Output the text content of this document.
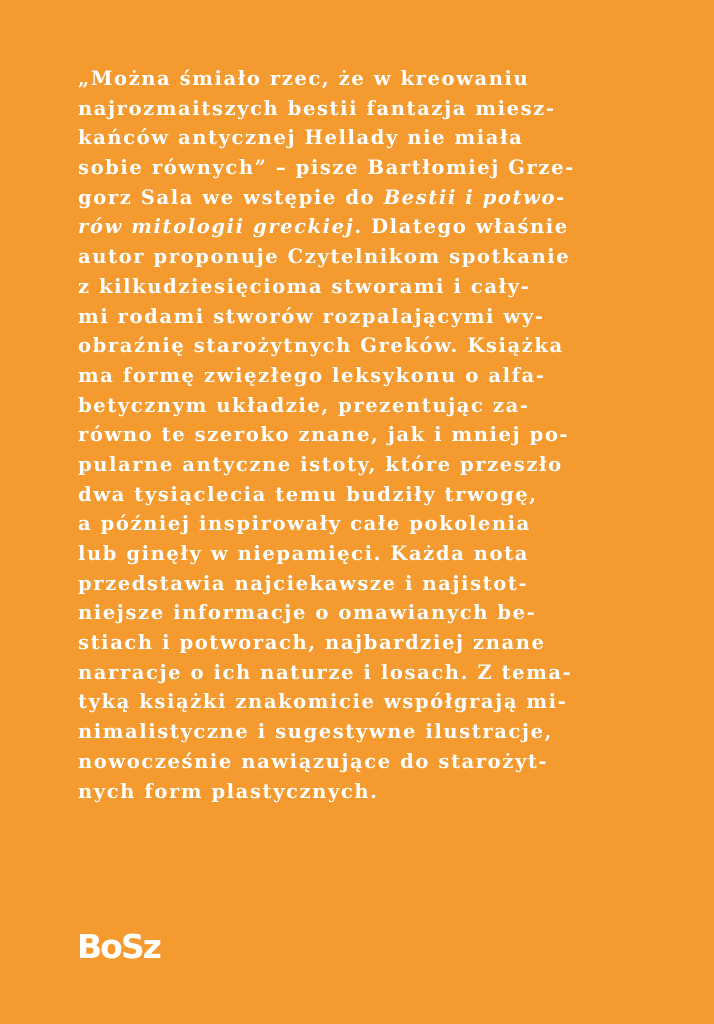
„Można śmiało rzec, że w kreowaniu
najrozmaitszych bestii fantazja miesz-
kańców antycznej Hellady nie miała
sobie równych” – pisze Bartłomiej Grze-
gorz Sala we wstępie do Bestii i potwo-
rów mitologii greckiej. Dlatego właśnie
autor proponuje Czytelnikom spotkanie
z kilkudziesięcioma stworami i cały-
mi rodami stworów rozpalającymi wy-
obraźnię starożytnych Greków. Książka
ma formę zwięzłego leksykonu o alfa-
betycznym układzie, prezentując za-
równo te szeroko znane, jak i mniej po-
pularne antyczne istoty, które przeszło
dwa tysiąclecia temu budziły trwogę,
a później inspirowały całe pokolenia
lub ginęły w niepamięci. Każda nota
przedstawia najciekawsze i najistot-
niejsze informacje o omawianych be-
stiach i potworach, najbardziej znane
narracje o ich naturze i losach. Z tema-
tyką książki znakomicie współgrają mi-
nimalistyczne i sugestywne ilustracje,
nowocześnie nawiązujące do starożyt-
nych form plastycznych.
BoSz
